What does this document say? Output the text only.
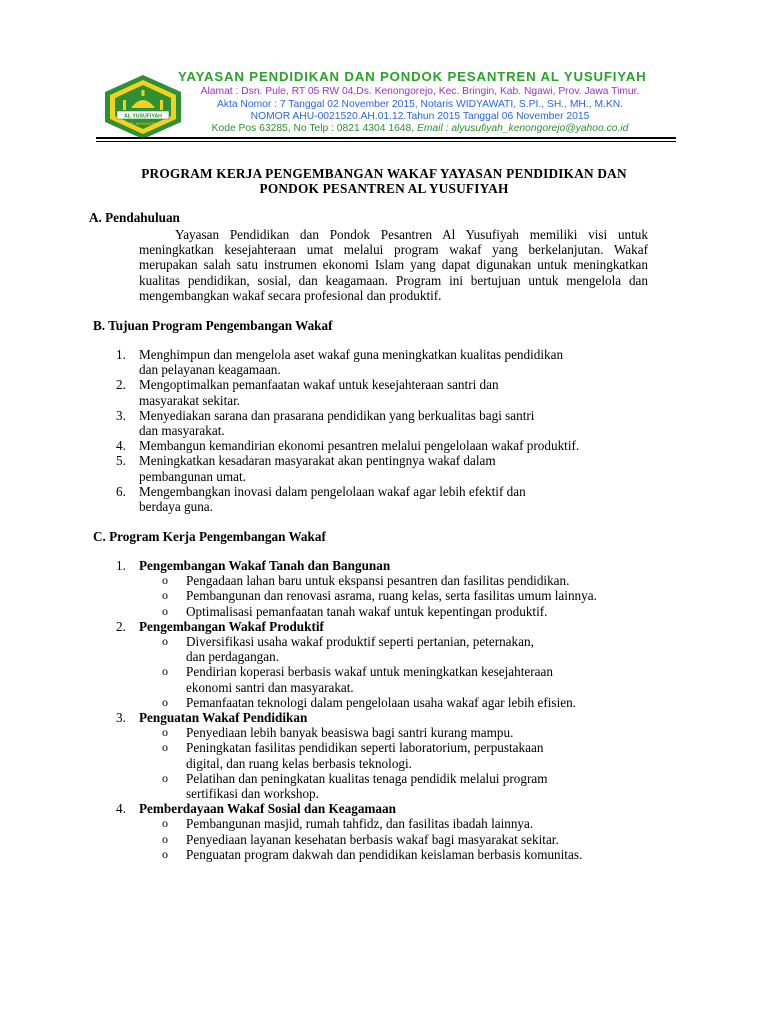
AL YUSUFIYAH
PULE - KENONGOREJO
YAYASAN PENDIDIKAN DAN PONDOK PESANTREN AL YUSUFIYAH
Alamat : Dsn. Pule, RT 05 RW 04,Ds. Kenongorejo, Kec. Bringin, Kab. Ngawi, Prov. Jawa Timur.
Akta Nomor : 7 Tanggal 02 November 2015, Notaris WIDYAWATI, S.PI., SH., MH., M.KN.
NOMOR AHU-0021520.AH.01.12.Tahun 2015 Tanggal 06 November 2015
Kode Pos 63285, No Telp : 0821 4304 1648, Email : alyusufiyah_kenongorejo@yahoo.co.id
PROGRAM KERJA PENGEMBANGAN WAKAF YAYASAN PENDIDIKAN DAN
PONDOK PESANTREN AL YUSUFIYAH
A. Pendahuluan
Yayasan Pendidikan dan Pondok Pesantren Al Yusufiyah memiliki visi untuk meningkatkan kesejahteraan umat melalui program wakaf yang berkelanjutan. Wakaf merupakan salah satu instrumen ekonomi Islam yang dapat digunakan untuk meningkatkan kualitas pendidikan, sosial, dan keagamaan. Program ini bertujuan untuk mengelola dan mengembangkan wakaf secara profesional dan produktif.
B. Tujuan Program Pengembangan Wakaf
1. Menghimpun dan mengelola aset wakaf guna meningkatkan kualitas pendidikan
dan pelayanan keagamaan.
2. Mengoptimalkan pemanfaatan wakaf untuk kesejahteraan santri dan
masyarakat sekitar.
3. Menyediakan sarana dan prasarana pendidikan yang berkualitas bagi santri
dan masyarakat.
4. Membangun kemandirian ekonomi pesantren melalui pengelolaan wakaf produktif.
5. Meningkatkan kesadaran masyarakat akan pentingnya wakaf dalam
pembangunan umat.
6. Mengembangkan inovasi dalam pengelolaan wakaf agar lebih efektif dan
berdaya guna.
C. Program Kerja Pengembangan Wakaf
1. Pengembangan Wakaf Tanah dan Bangunan
o Pengadaan lahan baru untuk ekspansi pesantren dan fasilitas pendidikan.
o Pembangunan dan renovasi asrama, ruang kelas, serta fasilitas umum lainnya.
o Optimalisasi pemanfaatan tanah wakaf untuk kepentingan produktif.
2. Pengembangan Wakaf Produktif
o Diversifikasi usaha wakaf produktif seperti pertanian, peternakan,
dan perdagangan.
o Pendirian koperasi berbasis wakaf untuk meningkatkan kesejahteraan
ekonomi santri dan masyarakat.
o Pemanfaatan teknologi dalam pengelolaan usaha wakaf agar lebih efisien.
3. Penguatan Wakaf Pendidikan
o Penyediaan lebih banyak beasiswa bagi santri kurang mampu.
o Peningkatan fasilitas pendidikan seperti laboratorium, perpustakaan
digital, dan ruang kelas berbasis teknologi.
o Pelatihan dan peningkatan kualitas tenaga pendidik melalui program
sertifikasi dan workshop.
4. Pemberdayaan Wakaf Sosial dan Keagamaan
o Pembangunan masjid, rumah tahfidz, dan fasilitas ibadah lainnya.
o Penyediaan layanan kesehatan berbasis wakaf bagi masyarakat sekitar.
o Penguatan program dakwah dan pendidikan keislaman berbasis komunitas.
